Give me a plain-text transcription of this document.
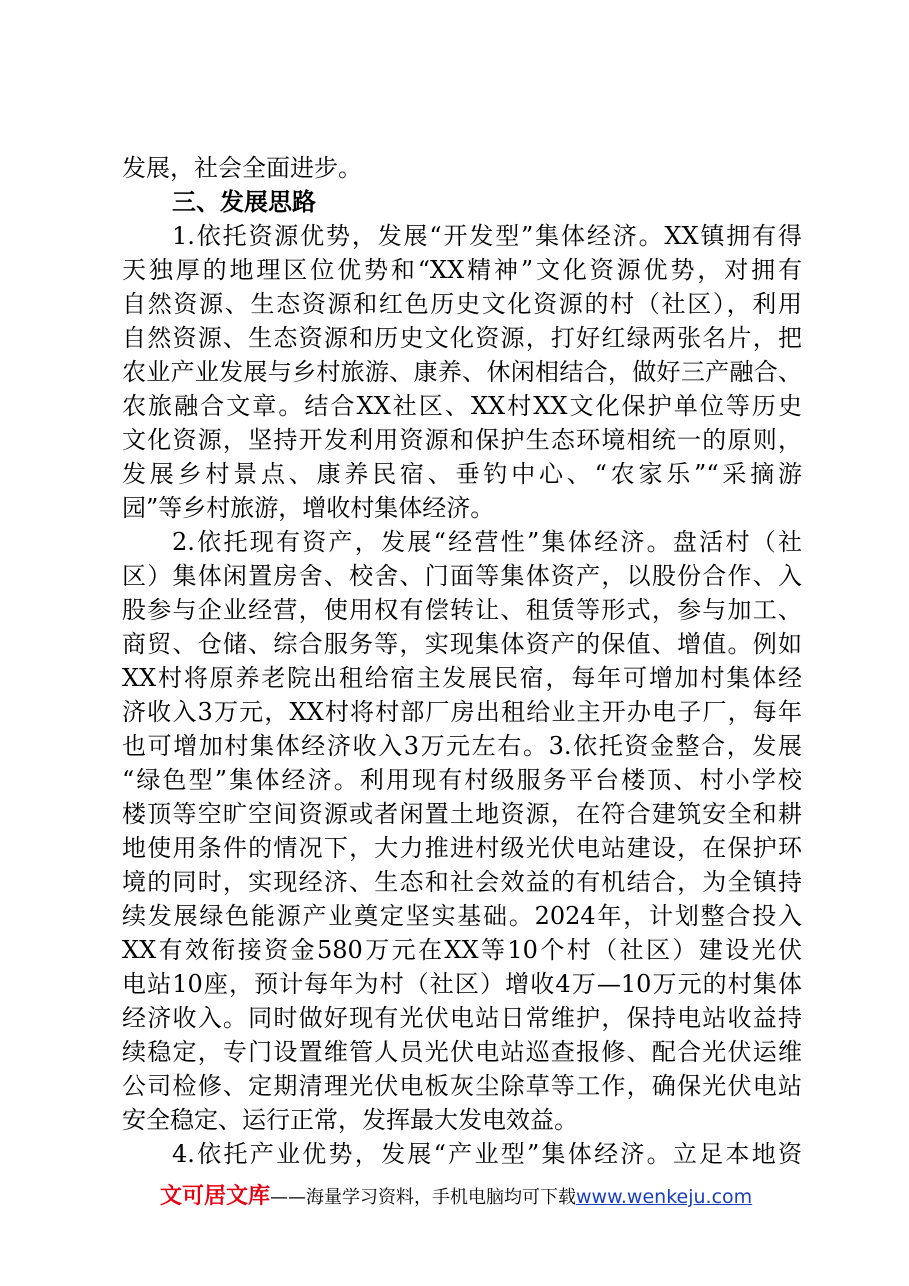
发展，社会全面进步。
三、发展思路
1.依托资源优势，发展“开发型”集体经济。XX镇拥有得
天独厚的地理区位优势和“XX精神”文化资源优势，对拥有
自然资源、生态资源和红色历史文化资源的村（社区），利用
自然资源、生态资源和历史文化资源，打好红绿两张名片，把
农业产业发展与乡村旅游、康养、休闲相结合，做好三产融合、
农旅融合文章。结合XX社区、XX村XX文化保护单位等历史
文化资源，坚持开发利用资源和保护生态环境相统一的原则，
发展乡村景点、康养民宿、垂钓中心、“农家乐”“采摘游
园”等乡村旅游，增收村集体经济。
2.依托现有资产，发展“经营性”集体经济。盘活村（社
区）集体闲置房舍、校舍、门面等集体资产，以股份合作、入
股参与企业经营，使用权有偿转让、租赁等形式，参与加工、
商贸、仓储、综合服务等，实现集体资产的保值、增值。例如
XX村将原养老院出租给宿主发展民宿，每年可增加村集体经
济收入3万元，XX村将村部厂房出租给业主开办电子厂，每年
也可增加村集体经济收入3万元左右。3.依托资金整合，发展
“绿色型”集体经济。利用现有村级服务平台楼顶、村小学校
楼顶等空旷空间资源或者闲置土地资源，在符合建筑安全和耕
地使用条件的情况下，大力推进村级光伏电站建设，在保护环
境的同时，实现经济、生态和社会效益的有机结合，为全镇持
续发展绿色能源产业奠定坚实基础。2024年，计划整合投入
XX有效衔接资金580万元在XX等10个村（社区）建设光伏
电站10座，预计每年为村（社区）增收4万—10万元的村集体
经济收入。同时做好现有光伏电站日常维护，保持电站收益持
续稳定，专门设置维管人员光伏电站巡查报修、配合光伏运维
公司检修、定期清理光伏电板灰尘除草等工作，确保光伏电站
安全稳定、运行正常，发挥最大发电效益。
4.依托产业优势，发展“产业型”集体经济。立足本地资
文可居文库——海量学习资料，手机电脑均可下载www.wenkeju.com
